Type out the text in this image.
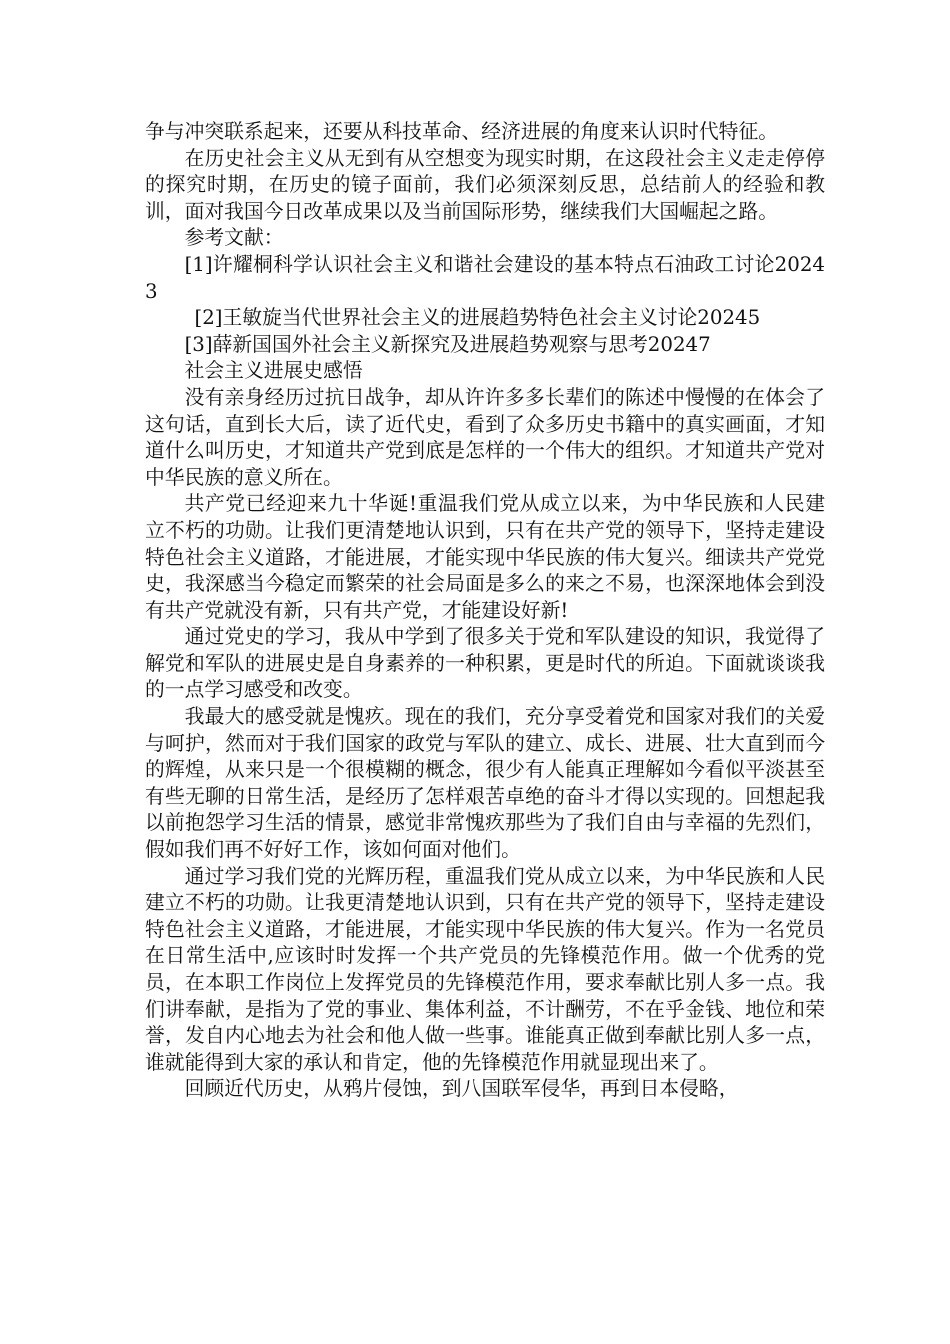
争与冲突联系起来，还要从科技革命、经济进展的角度来认识时代特征。

在历史社会主义从无到有从空想变为现实时期，在这段社会主义走走停停的探究时期，在历史的镜子面前，我们必须深刻反思，总结前人的经验和教训，面对我国今日改革成果以及当前国际形势，继续我们大国崛起之路。

参考文献：

[1]许耀桐科学认识社会主义和谐社会建设的基本特点石油政工讨论20243

[2]王敏旋当代世界社会主义的进展趋势特色社会主义讨论20245

[3]薛新国国外社会主义新探究及进展趋势观察与思考20247

社会主义进展史感悟

没有亲身经历过抗日战争，却从许许多多长辈们的陈述中慢慢的在体会了这句话，直到长大后，读了近代史，看到了众多历史书籍中的真实画面，才知道什么叫历史，才知道共产党到底是怎样的一个伟大的组织。才知道共产党对中华民族的意义所在。

共产党已经迎来九十华诞!重温我们党从成立以来，为中华民族和人民建立不朽的功勋。让我们更清楚地认识到，只有在共产党的领导下，坚持走建设特色社会主义道路，才能进展，才能实现中华民族的伟大复兴。细读共产党党史，我深感当今稳定而繁荣的社会局面是多么的来之不易，也深深地体会到没有共产党就没有新，只有共产党，才能建设好新!

通过党史的学习，我从中学到了很多关于党和军队建设的知识，我觉得了解党和军队的进展史是自身素养的一种积累，更是时代的所迫。下面就谈谈我的一点学习感受和改变。

我最大的感受就是愧疚。现在的我们，充分享受着党和国家对我们的关爱与呵护，然而对于我们国家的政党与军队的建立、成长、进展、壮大直到而今的辉煌，从来只是一个很模糊的概念，很少有人能真正理解如今看似平淡甚至有些无聊的日常生活，是经历了怎样艰苦卓绝的奋斗才得以实现的。回想起我以前抱怨学习生活的情景，感觉非常愧疚那些为了我们自由与幸福的先烈们，假如我们再不好好工作，该如何面对他们。

通过学习我们党的光辉历程，重温我们党从成立以来，为中华民族和人民建立不朽的功勋。让我更清楚地认识到，只有在共产党的领导下，坚持走建设特色社会主义道路，才能进展，才能实现中华民族的伟大复兴。作为一名党员在日常生活中,应该时时发挥一个共产党员的先锋模范作用。做一个优秀的党员，在本职工作岗位上发挥党员的先锋模范作用，要求奉献比别人多一点。我们讲奉献，是指为了党的事业、集体利益，不计酬劳，不在乎金钱、地位和荣誉，发自内心地去为社会和他人做一些事。谁能真正做到奉献比别人多一点，谁就能得到大家的承认和肯定，他的先锋模范作用就显现出来了。

回顾近代历史，从鸦片侵蚀，到八国联军侵华，再到日本侵略，
